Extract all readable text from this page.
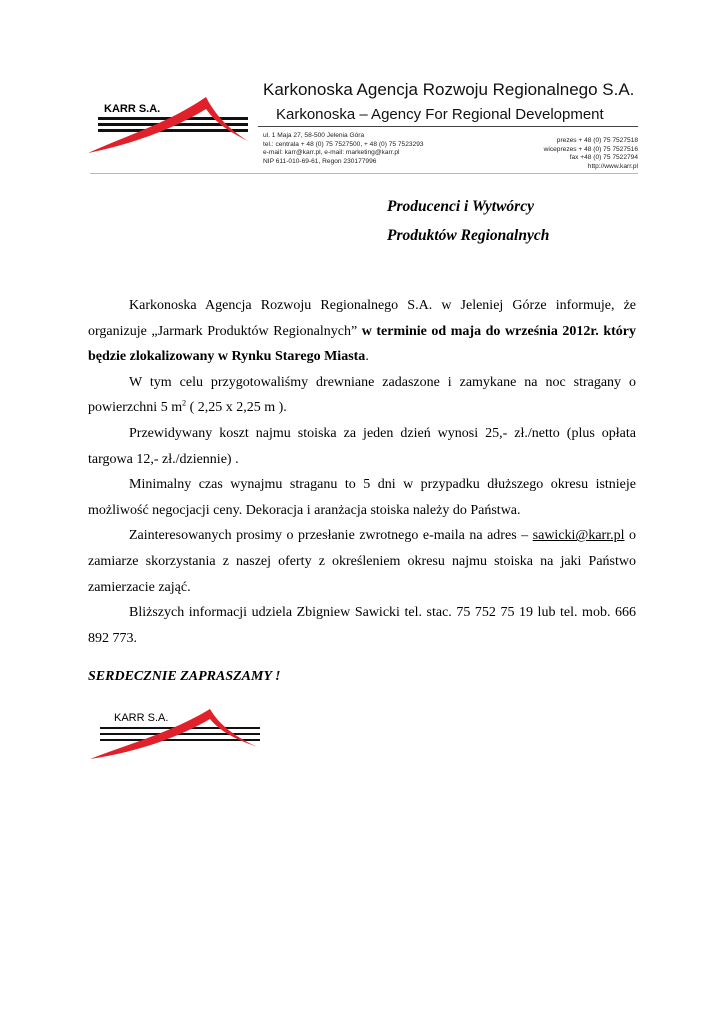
KARR S.A.
Karkonoska Agencja Rozwoju Regionalnego S.A.
Karkonoska – Agency For Regional Development
ul. 1 Maja 27, 58-500 Jelenia Góra
tel.: centrala + 48 (0) 75 7527500, + 48 (0) 75 7523293
e-mail: karr@karr.pl, e-mail: marketing@karr.pl
NIP 611-010-69-61, Regon 230177996
prezes + 48 (0) 75 7527518
wiceprezes + 48 (0) 75 7527516
fax +48 (0) 75 7522794
http://www.karr.pl
Producenci i Wytwórcy
Produktów Regionalnych

Karkonoska Agencja Rozwoju Regionalnego S.A. w Jeleniej Górze informuje, że organizuje „Jarmark Produktów Regionalnych” w terminie od maja do września 2012r. który będzie zlokalizowany w Rynku Starego Miasta.

W tym celu przygotowaliśmy drewniane zadaszone i zamykane na noc stragany o powierzchni 5 $m^2$ ( 2,25 x 2,25 m ).

Przewidywany koszt najmu stoiska za jeden dzień wynosi 25,- zł./netto (plus opłata targowa 12,- zł./dziennie) .

Minimalny czas wynajmu straganu to 5 dni w przypadku dłuższego okresu istnieje możliwość negocjacji ceny. Dekoracja i aranżacja stoiska należy do Państwa.

Zainteresowanych prosimy o przesłanie zwrotnego e-maila na adres – sawicki@karr.pl o zamiarze skorzystania z naszej oferty z określeniem okresu najmu stoiska na jaki Państwo zamierzacie zająć.

Bliższych informacji udziela Zbigniew Sawicki tel. stac. 75 752 75 19 lub tel. mob. 666 892 773.

SERDECZNIE ZAPRASZAMY !
KARR S.A.
